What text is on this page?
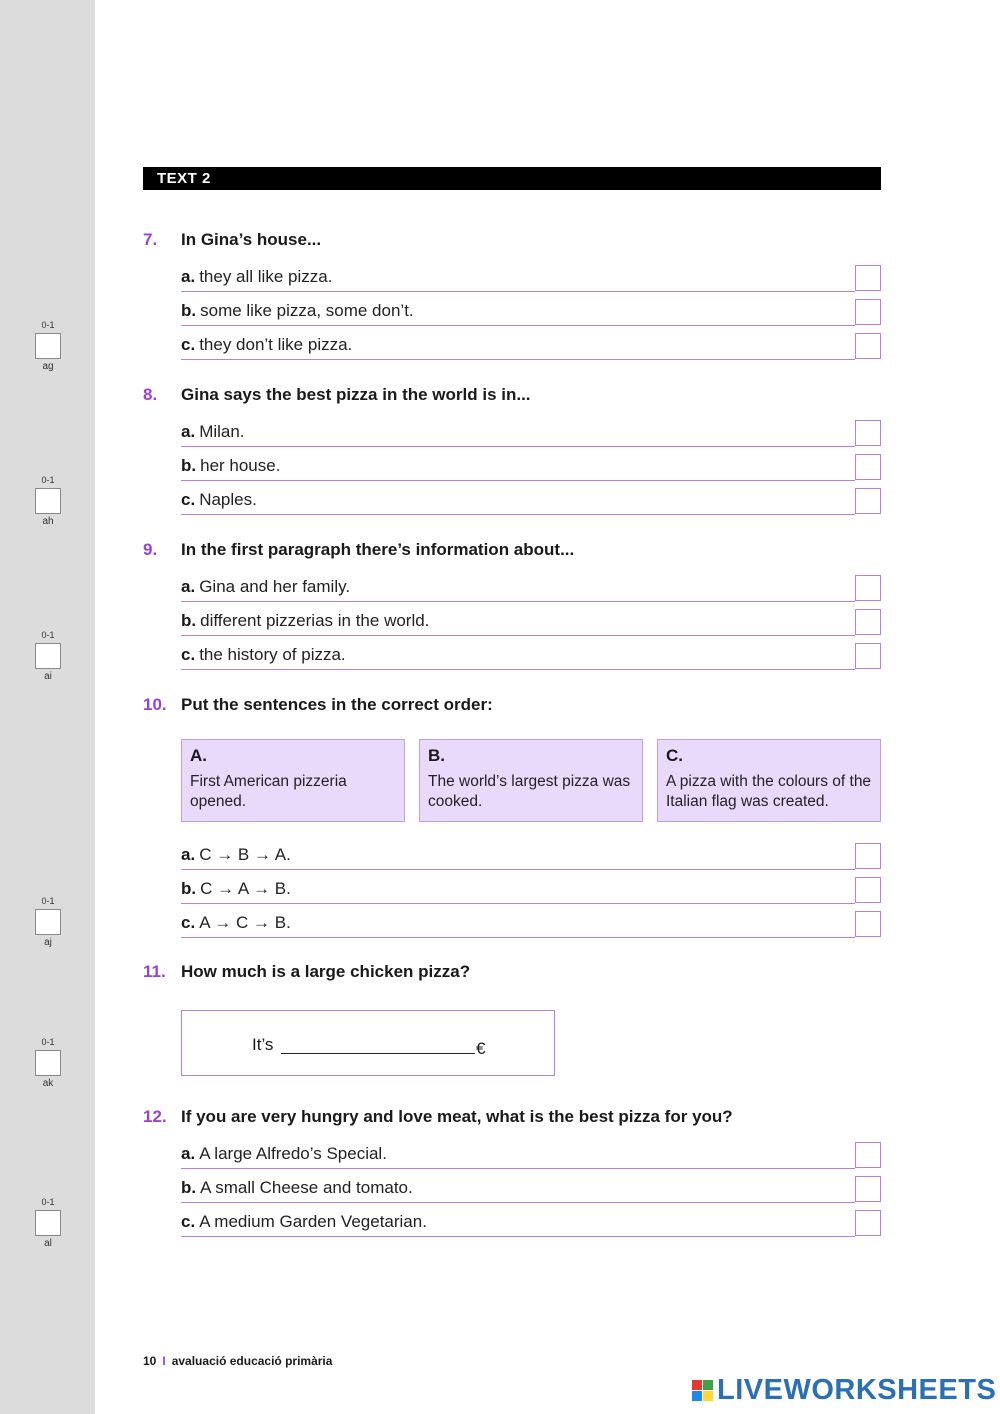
0-1
ag
0-1
ah
0-1
ai
0-1
aj
0-1
ak
0-1
al
TEXT 2
7. In Gina’s house...
a. they all like pizza.
b. some like pizza, some don’t.
c. they don’t like pizza.
8. Gina says the best pizza in the world is in...
a. Milan.
b. her house.
c. Naples.
9. In the first paragraph there’s information about...
a. Gina and her family.
b. different pizzerias in the world.
c. the history of pizza.
10. Put the sentences in the correct order:
A.
First American pizzeria opened.
B.
The world’s largest pizza was cooked.
C.
A pizza with the colours of the Italian flag was created.
a. C → B → A.
b. C → A → B.
c. A → C → B.
11. How much is a large chicken pizza?
It’s	€
12. If you are very hungry and love meat, what is the best pizza for you?
a. A large Alfredo’s Special.
b. A small Cheese and tomato.
c. A medium Garden Vegetarian.
10 I avaluació educació primària
LIVEWORKSHEETS
